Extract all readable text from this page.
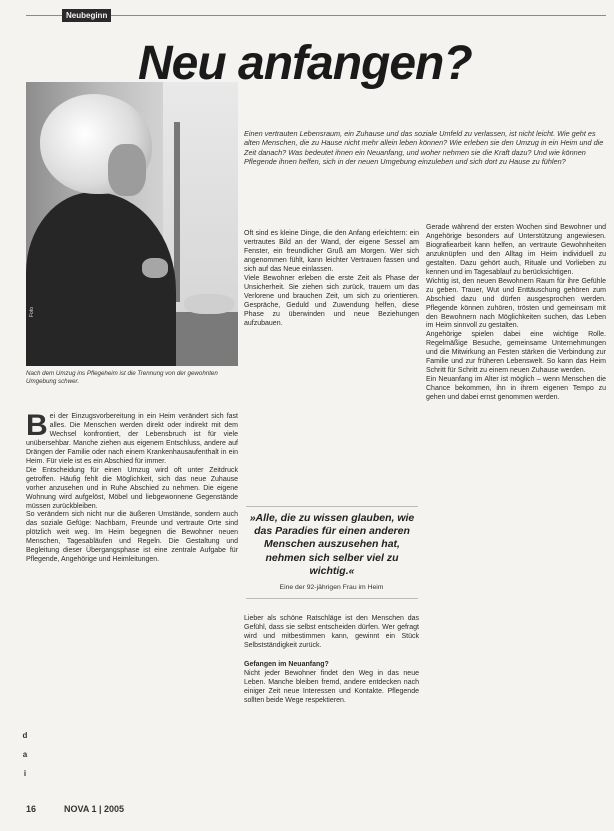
Neubeginn
Foto
Nach dem Umzug ins Pflegeheim ist die Trennung von der gewohnten Umgebung schwer.
Neu anfangen?
Einen vertrauten Lebensraum, ein Zuhause und das soziale Umfeld zu verlassen, ist nicht leicht. Wie geht es alten Menschen, die zu Hause nicht mehr allein leben können? Wie erleben sie den Umzug in ein Heim und die Zeit danach? Was bedeutet ihnen ein Neuanfang, und woher nehmen sie die Kraft dazu? Und wie können Pflegende ihnen helfen, sich in der neuen Umgebung einzuleben und sich dort zu Hause zu fühlen?
B ei der Einzugsvorbereitung in ein Heim verändert sich fast alles. Die Menschen werden direkt oder indirekt mit dem Wechsel konfrontiert, der Lebensbruch ist für viele unübersehbar. Manche ziehen aus eigenem Entschluss, andere auf Drängen der Familie oder nach einem Krankenhausaufenthalt in ein Heim. Für viele ist es ein Abschied für immer.

Die Entscheidung für einen Umzug wird oft unter Zeitdruck getroffen. Häufig fehlt die Möglichkeit, sich das neue Zuhause vorher anzusehen und in Ruhe Abschied zu nehmen. Die eigene Wohnung wird aufgelöst, Möbel und liebgewonnene Gegenstände müssen zurückbleiben.

So verändern sich nicht nur die äußeren Umstände, sondern auch das soziale Gefüge: Nachbarn, Freunde und vertraute Orte sind plötzlich weit weg. Im Heim begegnen die Bewohner neuen Menschen, Tagesabläufen und Regeln. Die Gestaltung und Begleitung dieser Übergangsphase ist eine zentrale Aufgabe für Pflegende, Angehörige und Heimleitungen.

Oft sind es kleine Dinge, die den Anfang erleichtern: ein vertrautes Bild an der Wand, der eigene Sessel am Fenster, ein freundlicher Gruß am Morgen. Wer sich angenommen fühlt, kann leichter Vertrauen fassen und sich auf das Neue einlassen.

Viele Bewohner erleben die erste Zeit als Phase der Unsicherheit. Sie ziehen sich zurück, trauern um das Verlorene und brauchen Zeit, um sich zu orientieren. Gespräche, Geduld und Zuwendung helfen, diese Phase zu überwinden und neue Beziehungen aufzubauen.

»Alle, die zu wissen glauben, wie das Paradies für einen anderen Menschen auszusehen hat, nehmen sich selber viel zu wichtig.«
Eine der 92-jährigen Frau im Heim

Lieber als schöne Ratschläge ist den Menschen das Gefühl, dass sie selbst entscheiden dürfen. Wer gefragt wird und mitbestimmen kann, gewinnt ein Stück Selbstständigkeit zurück.

Gefangen im Neuanfang?

Nicht jeder Bewohner findet den Weg in das neue Leben. Manche bleiben fremd, andere entdecken nach einiger Zeit neue Interessen und Kontakte. Pflegende sollten beide Wege respektieren.

Gerade während der ersten Wochen sind Bewohner und Angehörige besonders auf Unterstützung angewiesen. Biografiearbeit kann helfen, an vertraute Gewohnheiten anzuknüpfen und den Alltag im Heim individuell zu gestalten. Dazu gehört auch, Rituale und Vorlieben zu kennen und im Tagesablauf zu berücksichtigen.

Wichtig ist, den neuen Bewohnern Raum für ihre Gefühle zu geben. Trauer, Wut und Enttäuschung gehören zum Abschied dazu und dürfen ausgesprochen werden. Pflegende können zuhören, trösten und gemeinsam mit den Bewohnern nach Möglichkeiten suchen, das Leben im Heim sinnvoll zu gestalten.

Angehörige spielen dabei eine wichtige Rolle. Regelmäßige Besuche, gemeinsame Unternehmungen und die Mitwirkung an Festen stärken die Verbindung zur Familie und zur früheren Lebenswelt. So kann das Heim Schritt für Schritt zu einem neuen Zuhause werden.

Ein Neuanfang im Alter ist möglich – wenn Menschen die Chance bekommen, ihn in ihrem eigenen Tempo zu gehen und dabei ernst genommen werden.

d
a
i
16	NOVA 1 | 2005
